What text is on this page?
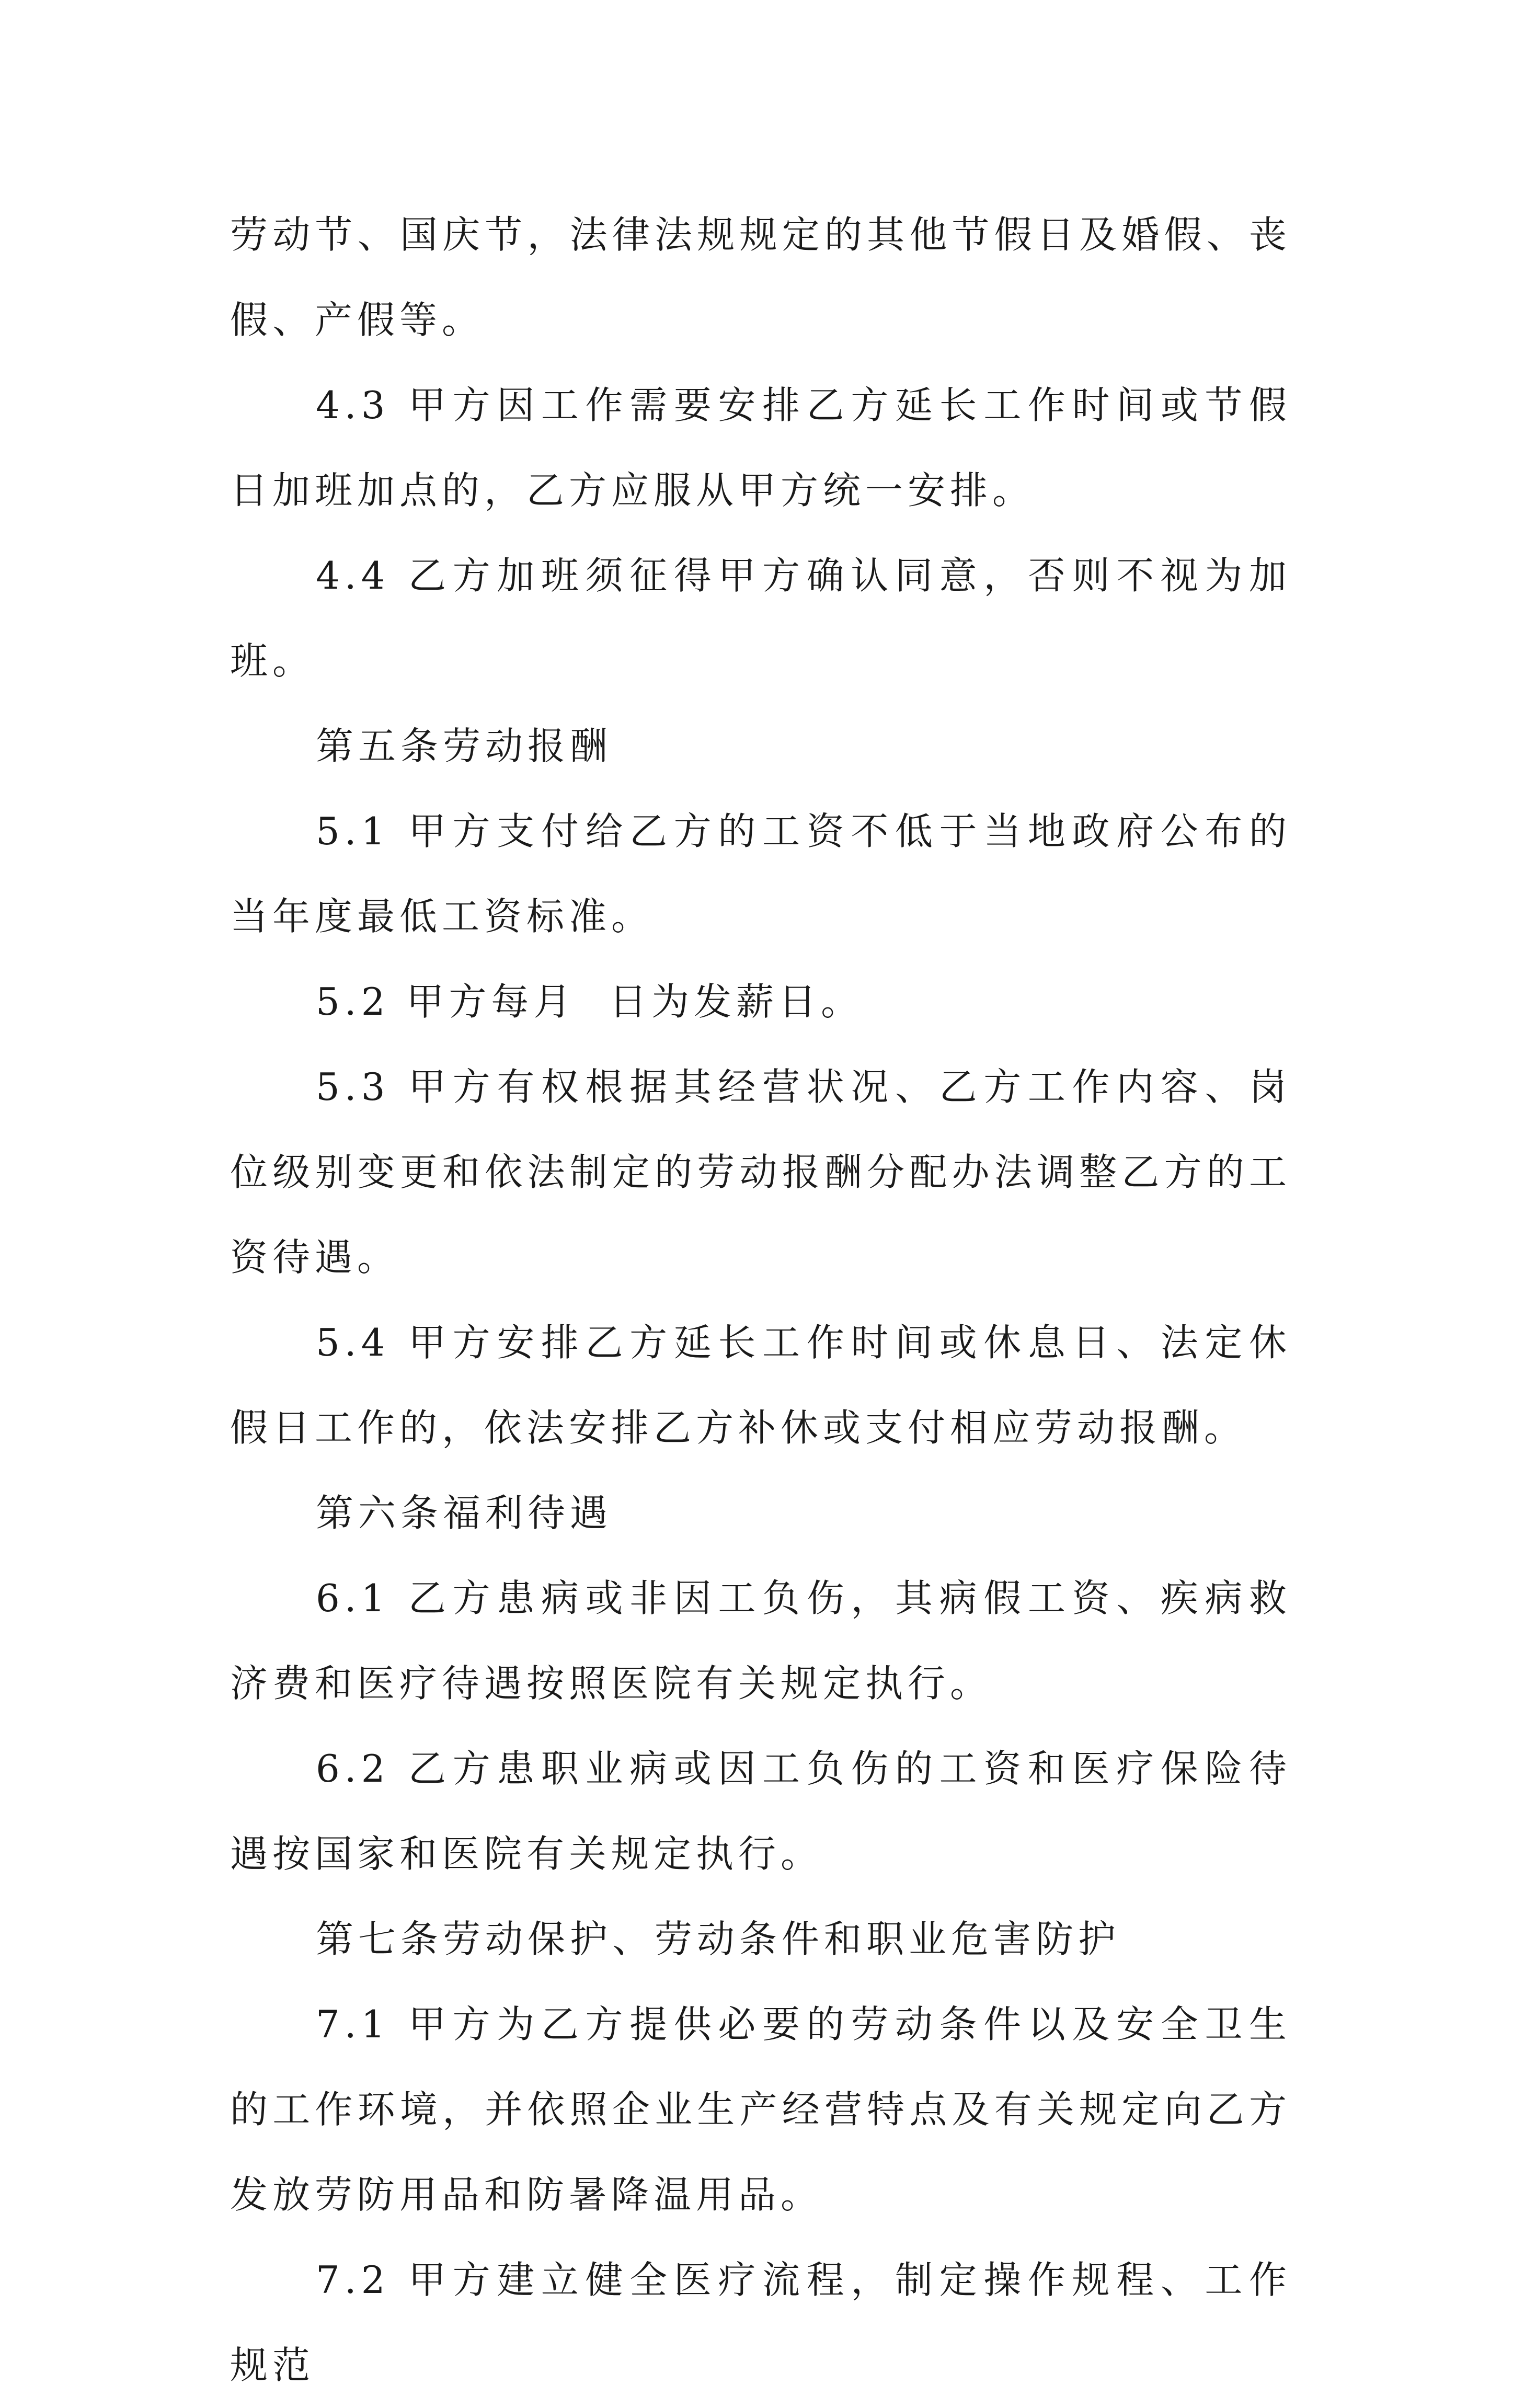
劳动节、国庆节，法律法规规定的其他节假日及婚假、丧假、产假等。

4.3 甲方因工作需要安排乙方延长工作时间或节假日加班加点的，乙方应服从甲方统一安排。

4.4 乙方加班须征得甲方确认同意，否则不视为加班。

第五条劳动报酬

5.1 甲方支付给乙方的工资不低于当地政府公布的当年度最低工资标准。

5.2 甲方每月  日为发薪日。

5.3 甲方有权根据其经营状况、乙方工作内容、岗位级别变更和依法制定的劳动报酬分配办法调整乙方的工资待遇。

5.4 甲方安排乙方延长工作时间或休息日、法定休假日工作的，依法安排乙方补休或支付相应劳动报酬。

第六条福利待遇

6.1 乙方患病或非因工负伤，其病假工资、疾病救济费和医疗待遇按照医院有关规定执行。

6.2 乙方患职业病或因工负伤的工资和医疗保险待遇按国家和医院有关规定执行。

第七条劳动保护、劳动条件和职业危害防护

7.1 甲方为乙方提供必要的劳动条件以及安全卫生的工作环境，并依照企业生产经营特点及有关规定向乙方发放劳防用品和防暑降温用品。

7.2 甲方建立健全医疗流程，制定操作规程、工作规范
